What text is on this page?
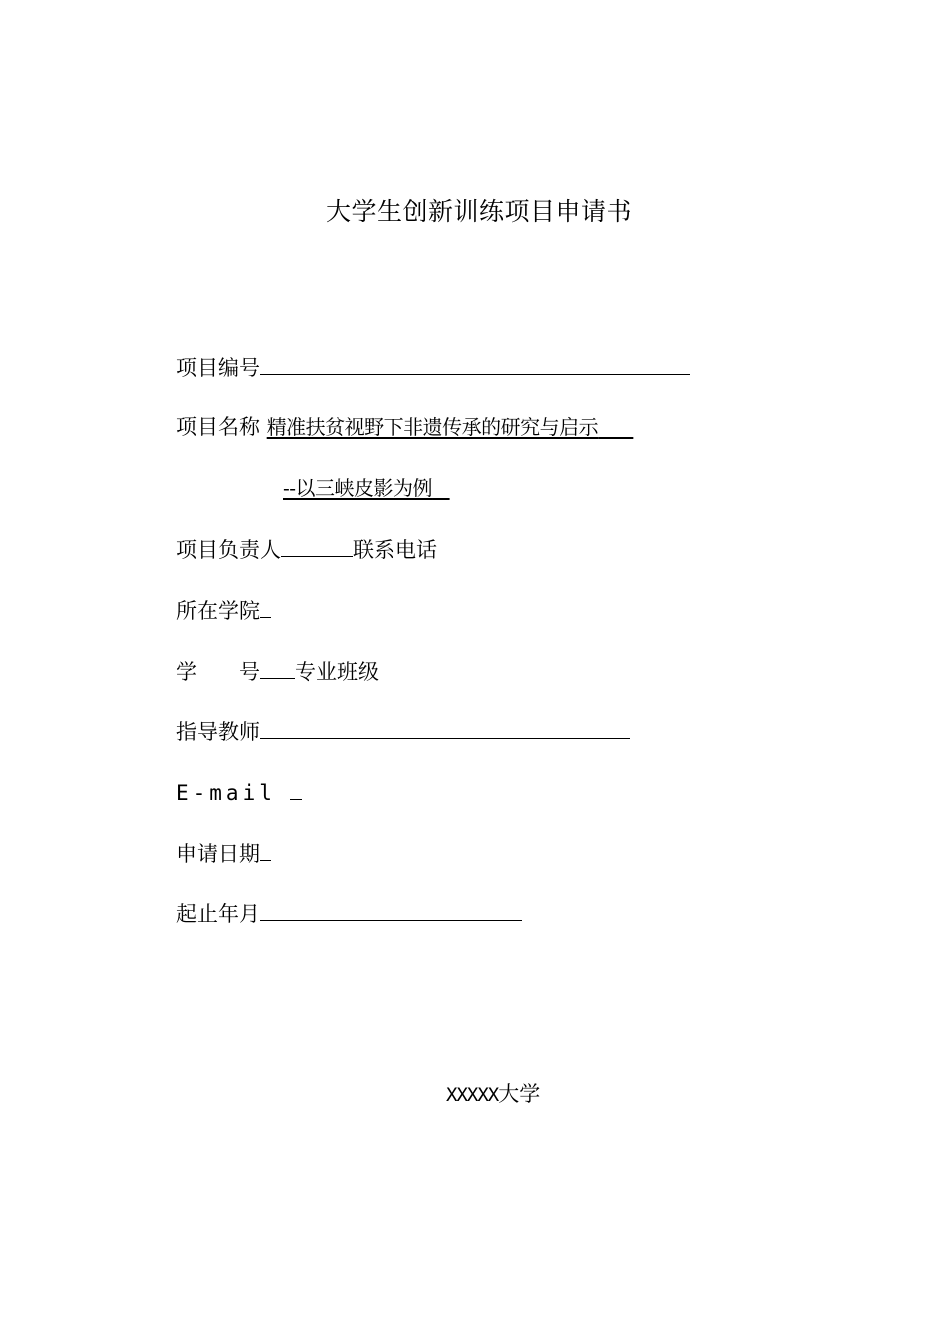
大学生创新训练项目申请书
项目编号
项目名称 精准扶贫视野下非遗传承的研究与启示
--以三峡皮影为例
项目负责人	联系电话
所在学院
学　　号 专业班级
指导教师
E-mail
申请日期
起止年月
XXXXX大学
